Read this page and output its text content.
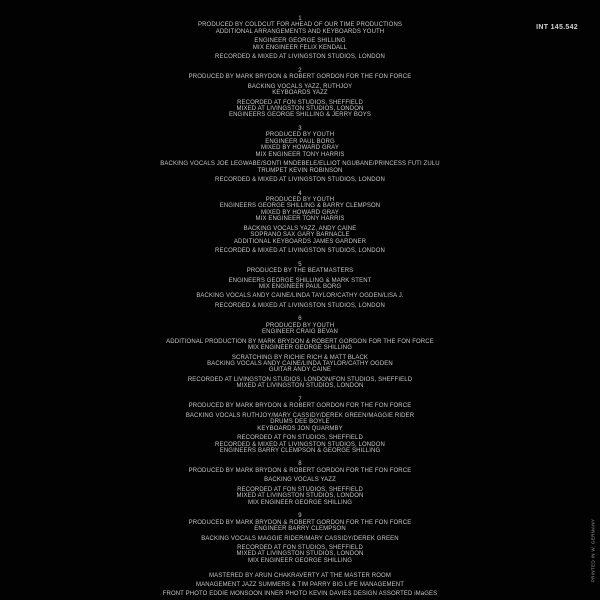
INT 145.542
PRINTED IN W. GERMANY
1
PRODUCED BY COLDCUT FOR AHEAD OF OUR TIME PRODUCTIONS
ADDITIONAL ARRANGEMENTS AND KEYBOARDS YOUTH
ENGINEER GEORGE SHILLING
MIX ENGINEER FELIX KENDALL
RECORDED & MIXED AT LIVINGSTON STUDIOS, LONDON
2
PRODUCED BY MARK BRYDON & ROBERT GORDON FOR THE FON FORCE
BACKING VOCALS YAZZ, RUTHJOY
KEYBOARDS YAZZ
RECORDED AT FON STUDIOS, SHEFFIELD
MIXED AT LIVINGSTON STUDIOS, LONDON
ENGINEERS GEORGE SHILLING & JERRY BOYS
3
PRODUCED BY YOUTH
ENGINEER PAUL BORG
MIXED BY HOWARD GRAY
MIX ENGINEER TONY HARRIS
BACKING VOCALS JOE LEGWABE/SONTI MNDEBELE/ELLIOT NGUBANE/PRINCESS FUTI ZULU
TRUMPET KEVIN ROBINSON
RECORDED & MIXED AT LIVINGSTON STUDIOS, LONDON
4
PRODUCED BY YOUTH
ENGINEERS GEORGE SHILLING & BARRY CLEMPSON
MIXED BY HOWARD GRAY
MIX ENGINEER TONY HARRIS
BACKING VOCALS YAZZ, ANDY CAINE
SOPRANO SAX GARY BARNACLE
ADDITIONAL KEYBOARDS JAMES GARDNER
RECORDED & MIXED AT LIVINGSTON STUDIOS, LONDON
5
PRODUCED BY THE BEATMASTERS
ENGINEERS GEORGE SHILLING & MARK STENT
MIX ENGINEER PAUL BORG
BACKING VOCALS ANDY CAINE/LINDA TAYLOR/CATHY OGDEN/LISA J.
RECORDED & MIXED AT LIVINGSTON STUDIOS, LONDON
6
PRODUCED BY YOUTH
ENGINEER CRAIG BEVAN
ADDITIONAL PRODUCTION BY MARK BRYDON & ROBERT GORDON FOR THE FON FORCE
MIX ENGINEER GEORGE SHILLING
SCRATCHING BY RICHIE RICH & MATT BLACK
BACKING VOCALS ANDY CAINE/LINDA TAYLOR/CATHY OGDEN
GUITAR ANDY CAINE
RECORDED AT LIVINGSTON STUDIOS, LONDON/FON STUDIOS, SHEFFIELD
MIXED AT LIVINGSTON STUDIOS, LONDON
7
PRODUCED BY MARK BRYDON & ROBERT GORDON FOR THE FON FORCE
BACKING VOCALS RUTHJOY/MARY CASSIDY/DEREK GREEN/MAGGIE RIDER
DRUMS DEE BOYLE
KEYBOARDS JON QUARMBY
RECORDED AT FON STUDIOS, SHEFFIELD
RECORDED & MIXED AT LIVINGSTON STUDIOS, LONDON
ENGINEERS BARRY CLEMPSON & GEORGE SHILLING
8
PRODUCED BY MARK BRYDON & ROBERT GORDON FOR THE FON FORCE
BACKING VOCALS YAZZ
RECORDED AT FON STUDIOS, SHEFFIELD
MIXED AT LIVINGSTON STUDIOS, LONDON
MIX ENGINEER GEORGE SHILLING
9
PRODUCED BY MARK BRYDON & ROBERT GORDON FOR THE FON FORCE
ENGINEER BARRY CLEMPSON
BACKING VOCALS MAGGIE RIDER/MARY CASSIDY/DEREK GREEN
RECORDED AT FON STUDIOS, SHEFFIELD
MIXED AT LIVINGSTON STUDIOS, LONDON
MIX ENGINEER GEORGE SHILLING
MASTERED BY ARUN CHAKRAVERTY AT THE MASTER ROOM
MANAGEMENT JAZZ SUMMERS & TIM PARRY BIG LIFE MANAGEMENT
FRONT PHOTO EDDIE MONSOON INNER PHOTO KEVIN DAVIES DESIGN ASSORTED iMaGES
